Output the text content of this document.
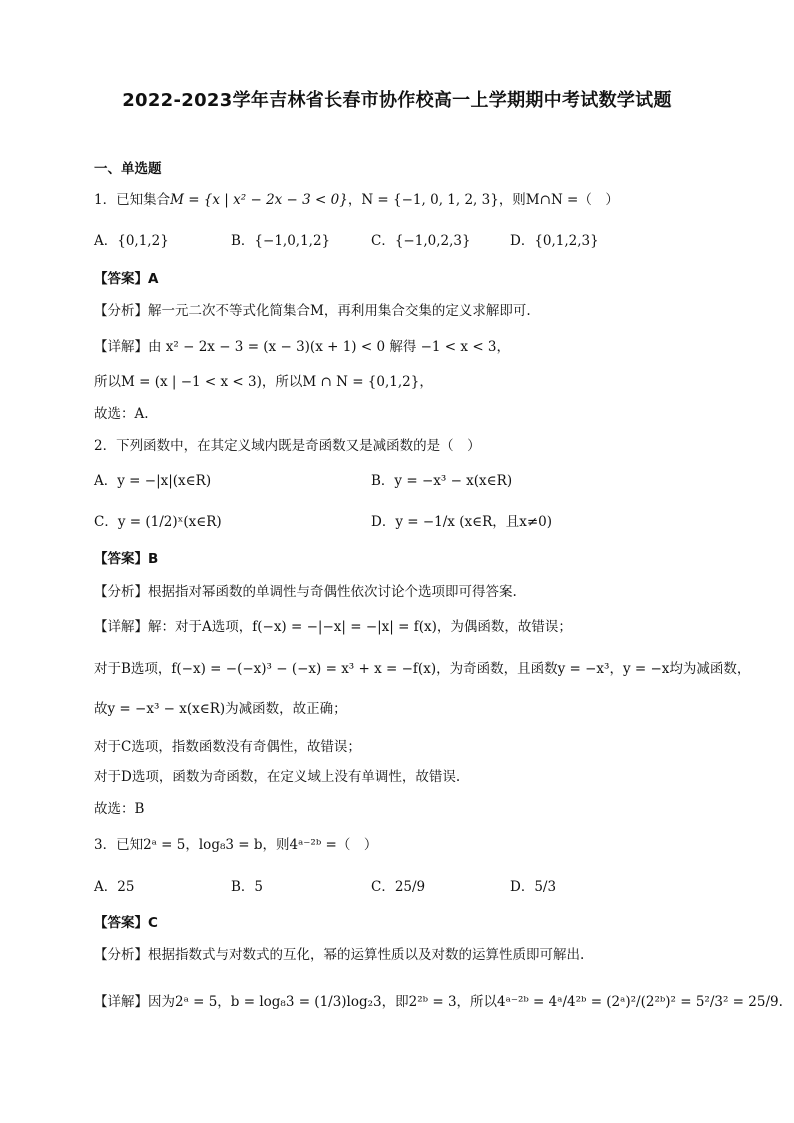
2022-2023学年吉林省长春市协作校高一上学期期中考试数学试题
一、单选题
1．已知集合M = {x | x² − 2x − 3 < 0}，N = {−1, 0, 1, 2, 3}，则M∩N =（　）
A．{0,1,2}	B．{−1,0,1,2}	C．{−1,0,2,3}	D．{0,1,2,3}
【答案】A
【分析】解一元二次不等式化简集合M，再利用集合交集的定义求解即可.
【详解】由 x² − 2x − 3 = (x − 3)(x + 1) < 0 解得 −1 < x < 3，
所以M = (x | −1 < x < 3)，所以M ∩ N = {0,1,2}，
故选：A.
2．下列函数中，在其定义域内既是奇函数又是减函数的是（　）
A．y = −|x|(x∈R)	B．y = −x³ − x(x∈R)
C．y = (1/2)ˣ(x∈R)	D．y = −1/x (x∈R，且x≠0)
【答案】B
【分析】根据指对幂函数的单调性与奇偶性依次讨论个选项即可得答案.
【详解】解：对于A选项，f(−x) = −|−x| = −|x| = f(x)，为偶函数，故错误；
对于B选项，f(−x) = −(−x)³ − (−x) = x³ + x = −f(x)，为奇函数，且函数y = −x³，y = −x均为减函数，
故y = −x³ − x(x∈R)为减函数，故正确；
对于C选项，指数函数没有奇偶性，故错误；
对于D选项，函数为奇函数，在定义域上没有单调性，故错误.
故选：B
3．已知2ᵃ = 5，log₈3 = b，则4ᵃ⁻²ᵇ =（　）
A．25	B．5	C．25/9	D．5/3
【答案】C
【分析】根据指数式与对数式的互化，幂的运算性质以及对数的运算性质即可解出.
【详解】因为2ᵃ = 5，b = log₈3 = (1/3)log₂3，即2²ᵇ = 3，所以4ᵃ⁻²ᵇ = 4ᵃ/4²ᵇ = (2ᵃ)²/(2²ᵇ)² = 5²/3² = 25/9.
